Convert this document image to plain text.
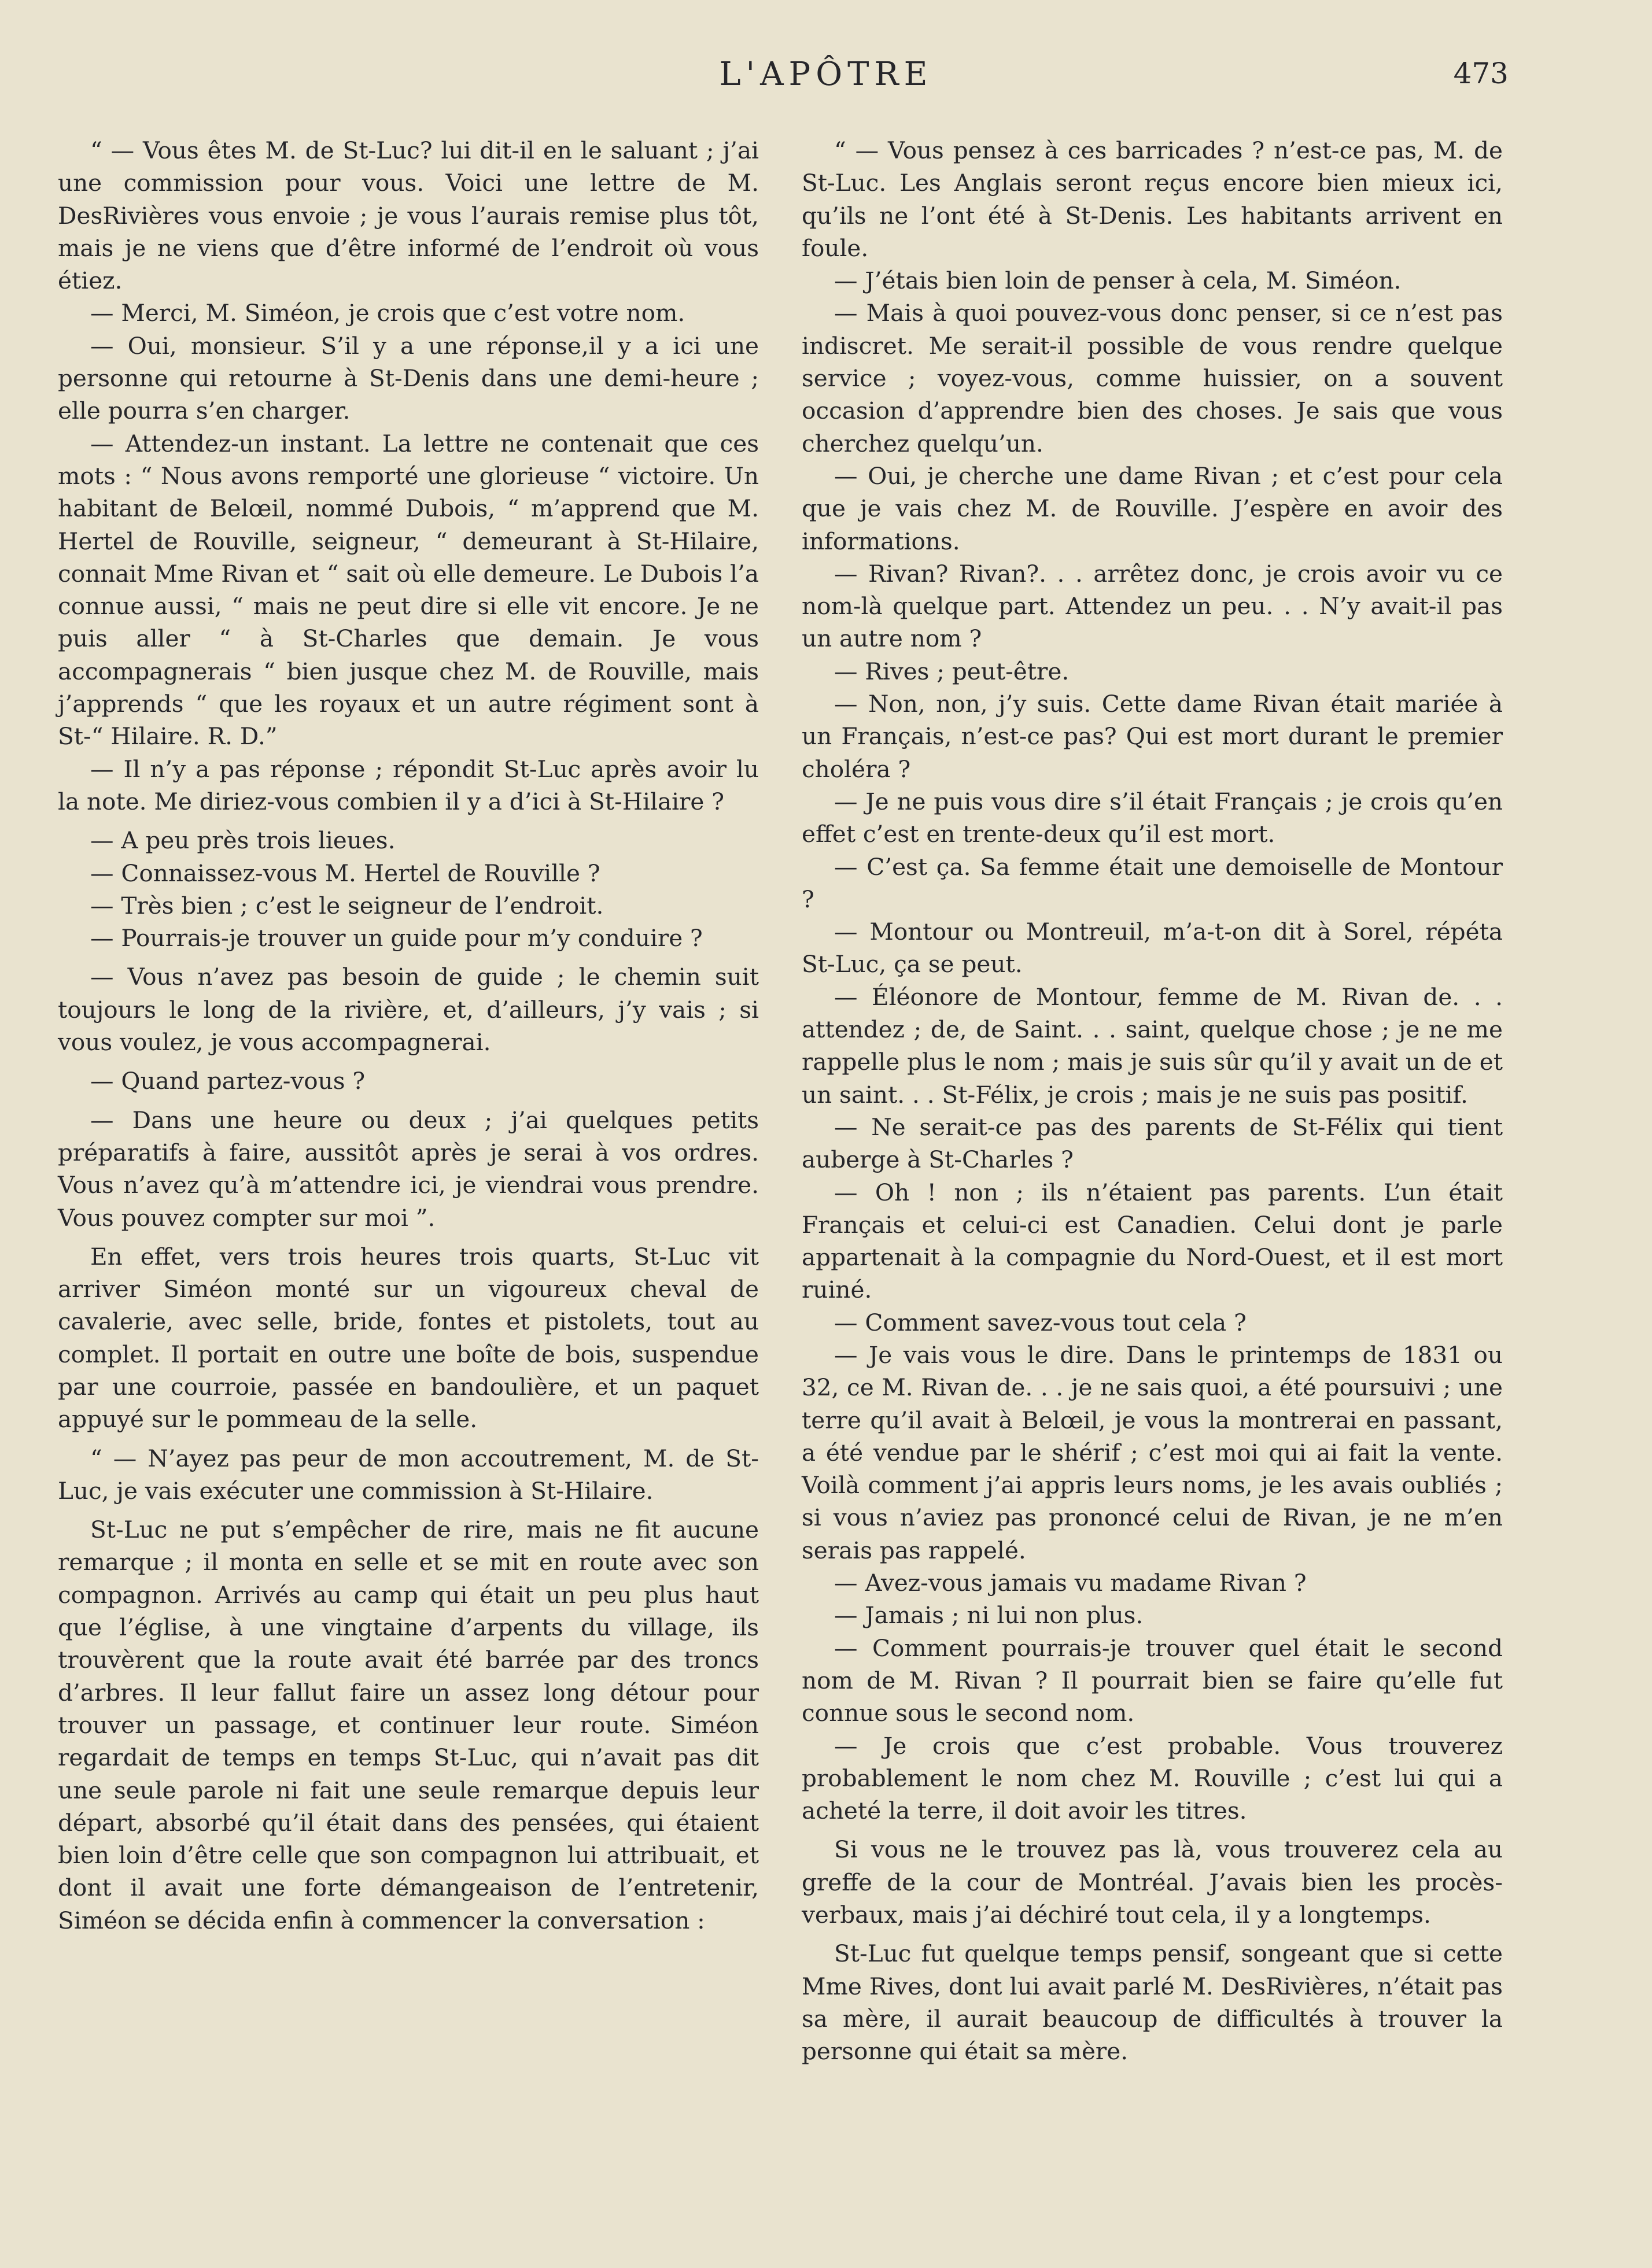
L'APÔTRE	473

“ — Vous êtes M. de St-Luc? lui dit-il en le saluant ; j’ai une commission pour vous. Voici une lettre de M. DesRivières vous envoie ; je vous l’aurais remise plus tôt, mais je ne viens que d’être informé de l’endroit où vous étiez.

— Merci, M. Siméon, je crois que c’est votre nom.

— Oui, monsieur. S’il y a une réponse,il y a ici une personne qui retourne à St-Denis dans une demi-heure ; elle pourra s’en charger.

— Attendez-un instant. La lettre ne contenait que ces mots : “ Nous avons remporté une glorieuse “ victoire. Un habitant de Belœil, nommé Dubois, “ m’apprend que M. Hertel de Rouville, seigneur, “ demeurant à St-Hilaire, connait Mme Rivan et “ sait où elle demeure. Le Dubois l’a connue aussi, “ mais ne peut dire si elle vit encore. Je ne puis aller “ à St-Charles que demain. Je vous accompagnerais “ bien jusque chez M. de Rouville, mais j’apprends “ que les royaux et un autre régiment sont à St-“ Hilaire. R. D.”

— Il n’y a pas réponse ; répondit St-Luc après avoir lu la note. Me diriez-vous combien il y a d’ici à St-Hilaire ?

— A peu près trois lieues.

— Connaissez-vous M. Hertel de Rouville ?

— Très bien ; c’est le seigneur de l’endroit.

— Pourrais-je trouver un guide pour m’y conduire ?

— Vous n’avez pas besoin de guide ; le chemin suit toujours le long de la rivière, et, d’ailleurs, j’y vais ; si vous voulez, je vous accompagnerai.

— Quand partez-vous ?

— Dans une heure ou deux ; j’ai quelques petits préparatifs à faire, aussitôt après je serai à vos ordres. Vous n’avez qu’à m’attendre ici, je viendrai vous prendre. Vous pouvez compter sur moi ”.

En effet, vers trois heures trois quarts, St-Luc vit arriver Siméon monté sur un vigoureux cheval de cavalerie, avec selle, bride, fontes et pistolets, tout au complet. Il portait en outre une boîte de bois, suspendue par une courroie, passée en bandoulière, et un paquet appuyé sur le pommeau de la selle.

“ — N’ayez pas peur de mon accoutrement, M. de St-Luc, je vais exécuter une commission à St-Hilaire.

St-Luc ne put s’empêcher de rire, mais ne fit aucune remarque ; il monta en selle et se mit en route avec son compagnon. Arrivés au camp qui était un peu plus haut que l’église, à une vingtaine d’arpents du village, ils trouvèrent que la route avait été barrée par des troncs d’arbres. Il leur fallut faire un assez long détour pour trouver un passage, et continuer leur route. Siméon regardait de temps en temps St-Luc, qui n’avait pas dit une seule parole ni fait une seule remarque depuis leur départ, absorbé qu’il était dans des pensées, qui étaient bien loin d’être celle que son compagnon lui attribuait, et dont il avait une forte démangeaison de l’entretenir, Siméon se décida enfin à commencer la conversation :

“ — Vous pensez à ces barricades ? n’est-ce pas, M. de St-Luc. Les Anglais seront reçus encore bien mieux ici, qu’ils ne l’ont été à St-Denis. Les habitants arrivent en foule.

— J’étais bien loin de penser à cela, M. Siméon.

— Mais à quoi pouvez-vous donc penser, si ce n’est pas indiscret. Me serait-il possible de vous rendre quelque service ; voyez-vous, comme huissier, on a souvent occasion d’apprendre bien des choses. Je sais que vous cherchez quelqu’un.

— Oui, je cherche une dame Rivan ; et c’est pour cela que je vais chez M. de Rouville. J’espère en avoir des informations.

— Rivan? Rivan?. . . arrêtez donc, je crois avoir vu ce nom-là quelque part. Attendez un peu. . . N’y avait-il pas un autre nom ?

— Rives ; peut-être.

— Non, non, j’y suis. Cette dame Rivan était mariée à un Français, n’est-ce pas? Qui est mort durant le premier choléra ?

— Je ne puis vous dire s’il était Français ; je crois qu’en effet c’est en trente-deux qu’il est mort.

— C’est ça. Sa femme était une demoiselle de Montour ?

— Montour ou Montreuil, m’a-t-on dit à Sorel, répéta St-Luc, ça se peut.

— Éléonore de Montour, femme de M. Rivan de. . . attendez ; de, de Saint. . . saint, quelque chose ; je ne me rappelle plus le nom ; mais je suis sûr qu’il y avait un de et un saint. . . St-Félix, je crois ; mais je ne suis pas positif.

— Ne serait-ce pas des parents de St-Félix qui tient auberge à St-Charles ?

— Oh ! non ; ils n’étaient pas parents. L’un était Français et celui-ci est Canadien. Celui dont je parle appartenait à la compagnie du Nord-Ouest, et il est mort ruiné.

— Comment savez-vous tout cela ?

— Je vais vous le dire. Dans le printemps de 1831 ou 32, ce M. Rivan de. . . je ne sais quoi, a été poursuivi ; une terre qu’il avait à Belœil, je vous la montrerai en passant, a été vendue par le shérif ; c’est moi qui ai fait la vente. Voilà comment j’ai appris leurs noms, je les avais oubliés ; si vous n’aviez pas prononcé celui de Rivan, je ne m’en serais pas rappelé.

— Avez-vous jamais vu madame Rivan ?

— Jamais ; ni lui non plus.

— Comment pourrais-je trouver quel était le second nom de M. Rivan ? Il pourrait bien se faire qu’elle fut connue sous le second nom.

— Je crois que c’est probable. Vous trouverez probablement le nom chez M. Rouville ; c’est lui qui a acheté la terre, il doit avoir les titres.

Si vous ne le trouvez pas là, vous trouverez cela au greffe de la cour de Montréal. J’avais bien les procès-verbaux, mais j’ai déchiré tout cela, il y a longtemps.

St-Luc fut quelque temps pensif, songeant que si cette Mme Rives, dont lui avait parlé M. DesRivières, n’était pas sa mère, il aurait beaucoup de difficultés à trouver la personne qui était sa mère.
